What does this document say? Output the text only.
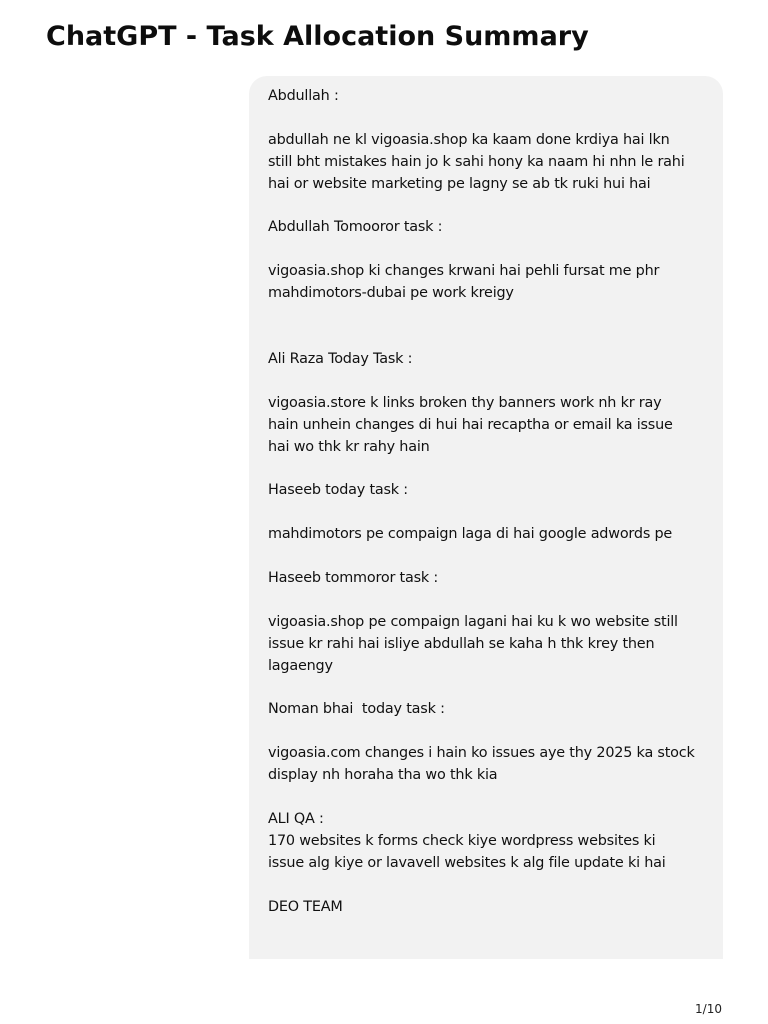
ChatGPT - Task Allocation Summary
Abdullah :

abdullah ne kl vigoasia.shop ka kaam done krdiya hai lkn
still bht mistakes hain jo k sahi hony ka naam hi nhn le rahi
hai or website marketing pe lagny se ab tk ruki hui hai

Abdullah Tomooror task :

vigoasia.shop ki changes krwani hai pehli fursat me phr
mahdimotors-dubai pe work kreigy

Ali Raza Today Task :

vigoasia.store k links broken thy banners work nh kr ray
hain unhein changes di hui hai recaptha or email ka issue
hai wo thk kr rahy hain

Haseeb today task :

mahdimotors pe compaign laga di hai google adwords pe

Haseeb tommoror task :

vigoasia.shop pe compaign lagani hai ku k wo website still
issue kr rahi hai isliye abdullah se kaha h thk krey then
lagaengy

Noman bhai  today task :

vigoasia.com changes i hain ko issues aye thy 2025 ka stock
display nh horaha tha wo thk kia

ALI QA :
170 websites k forms check kiye wordpress websites ki
issue alg kiye or lavavell websites k alg file update ki hai

DEO TEAM
1/10
